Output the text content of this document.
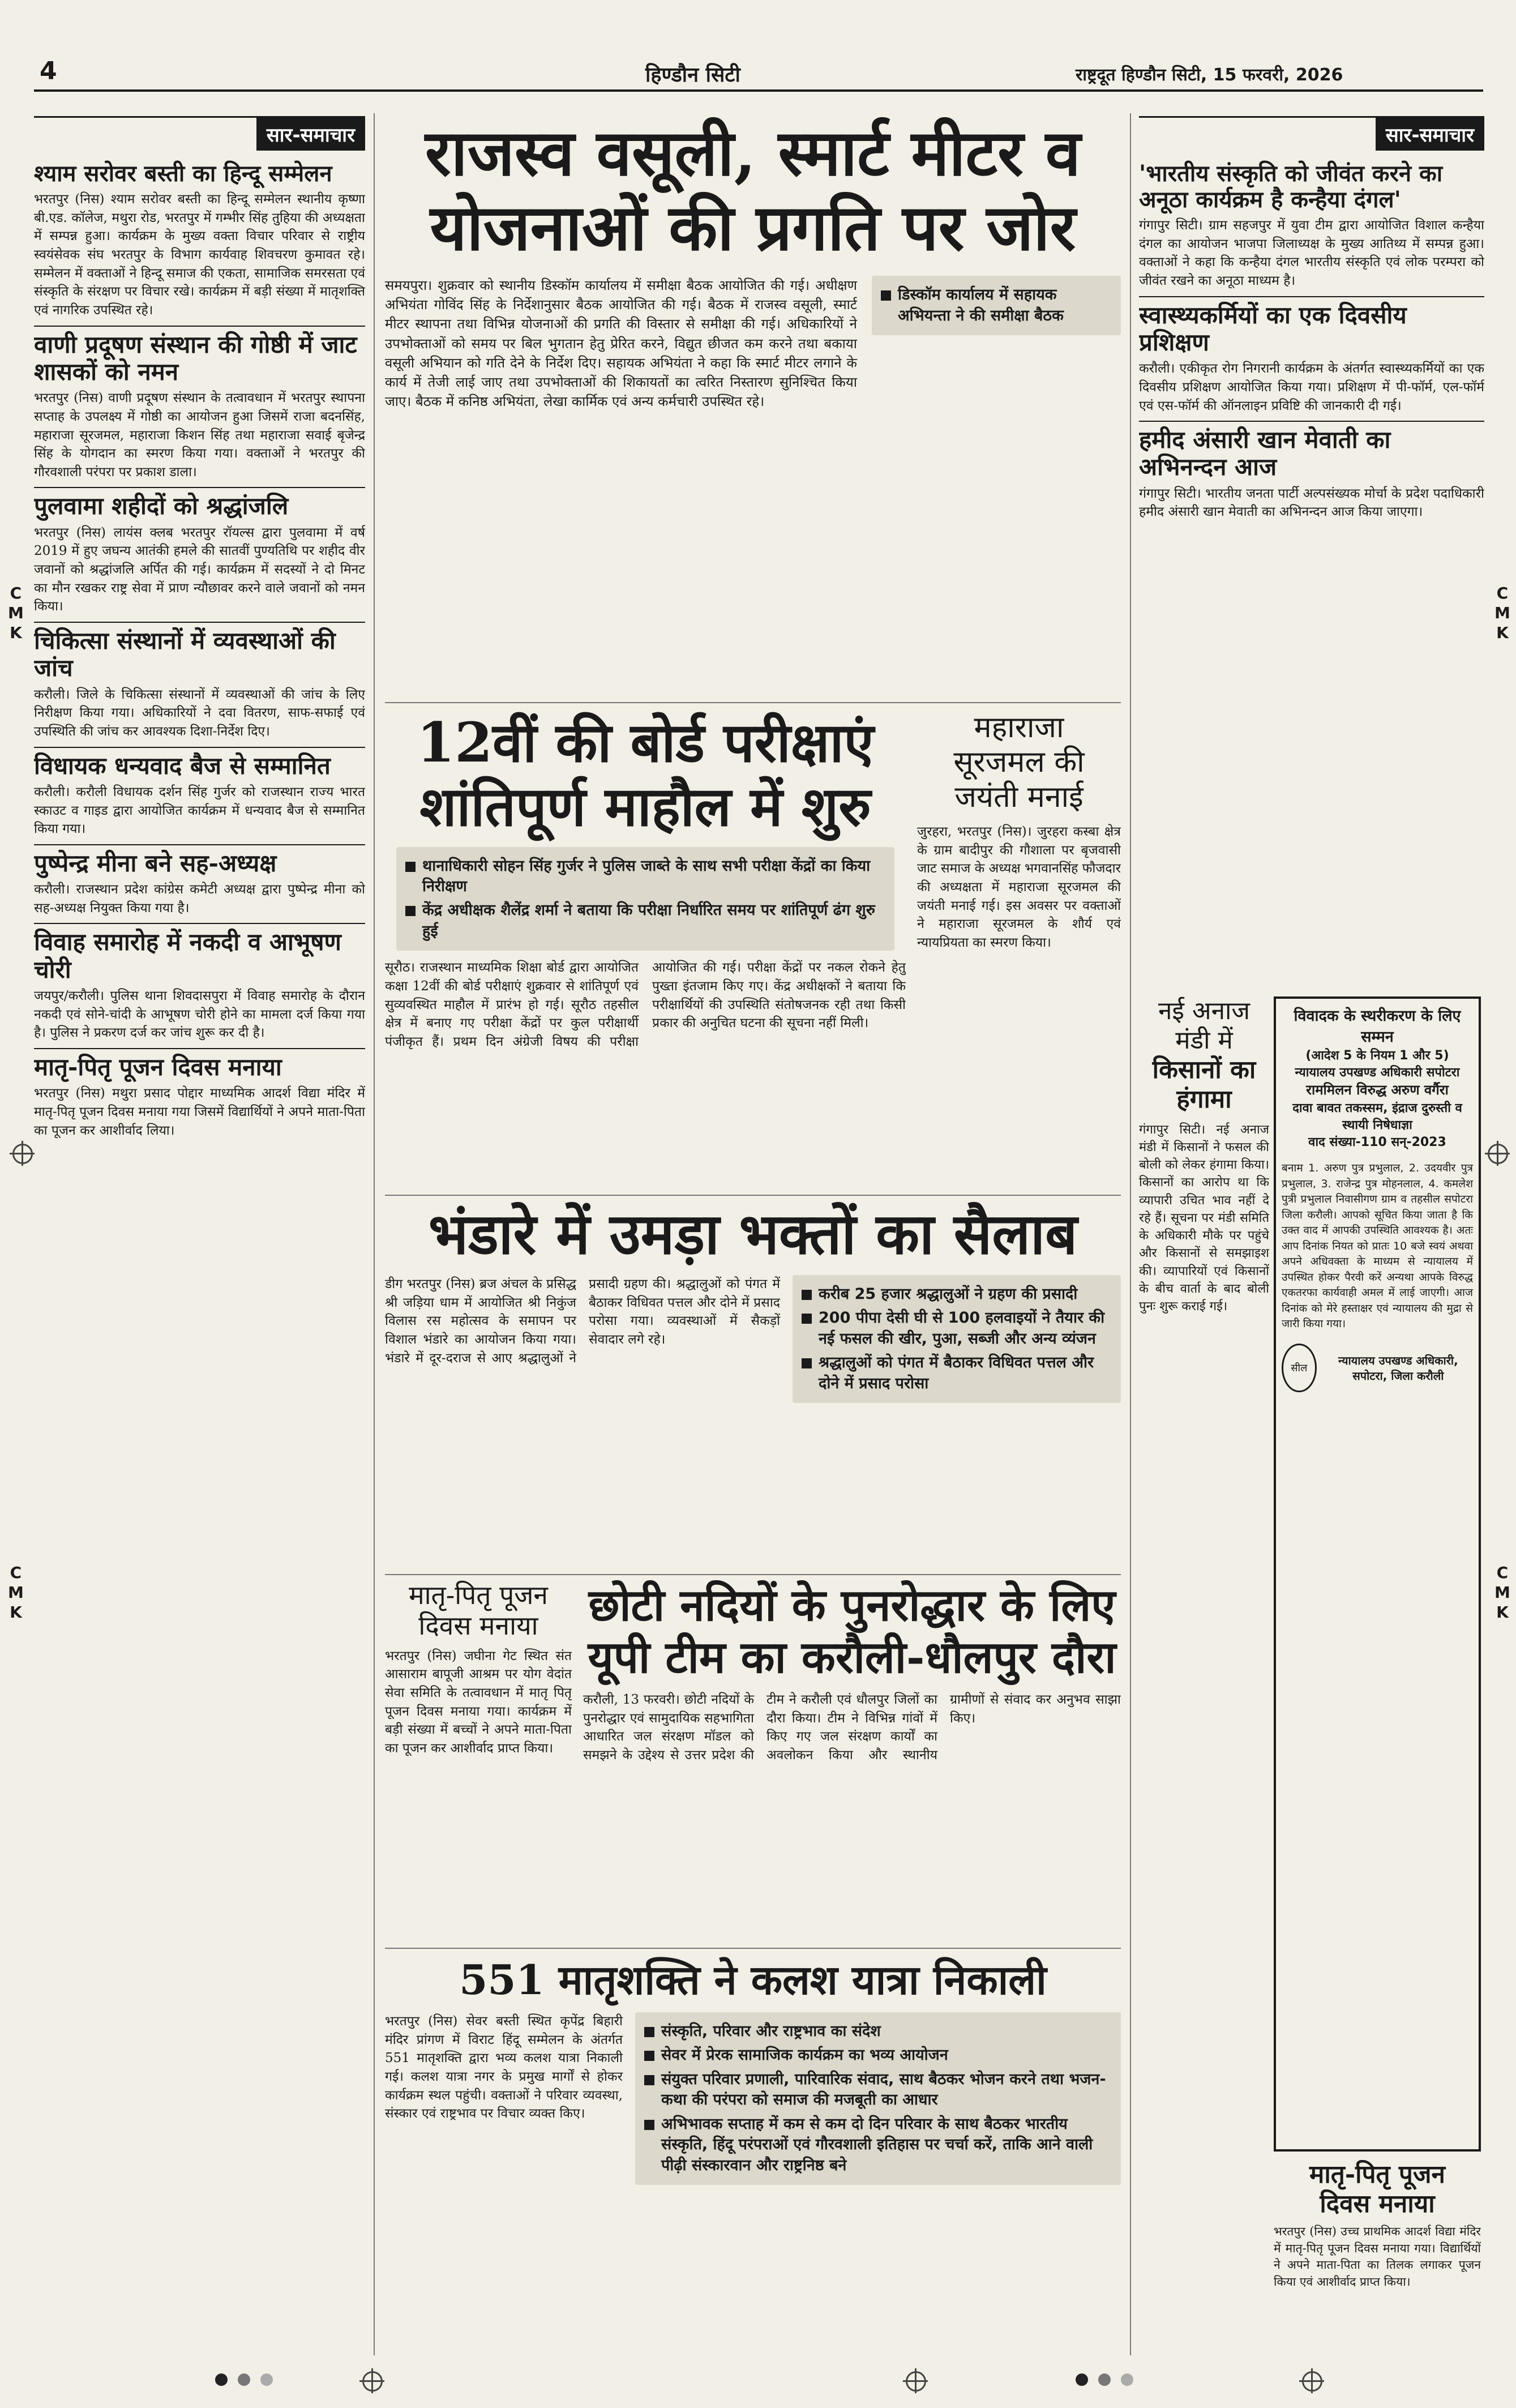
4	हिण्डौन सिटी	राष्ट्रदूत हिण्डौन सिटी, 15 फरवरी, 2026
C
M
K
C
M
K
C
M
K
C
M
K
सार-समाचार
श्याम सरोवर बस्ती का हिन्दू सम्मेलन

भरतपुर (निस) श्याम सरोवर बस्ती का हिन्दू सम्मेलन स्थानीय कृष्णा बी.एड. कॉलेज, मथुरा रोड, भरतपुर में गम्भीर सिंह तुहिया की अध्यक्षता में सम्पन्न हुआ। कार्यक्रम के मुख्य वक्ता विचार परिवार से राष्ट्रीय स्वयंसेवक संघ भरतपुर के विभाग कार्यवाह शिवचरण कुमावत रहे। सम्मेलन में वक्ताओं ने हिन्दू समाज की एकता, सामाजिक समरसता एवं संस्कृति के संरक्षण पर विचार रखे। कार्यक्रम में बड़ी संख्या में मातृशक्ति एवं नागरिक उपस्थित रहे।

वाणी प्रदूषण संस्थान की गोष्ठी में जाट शासकों को नमन

भरतपुर (निस) वाणी प्रदूषण संस्थान के तत्वावधान में भरतपुर स्थापना सप्ताह के उपलक्ष्य में गोष्ठी का आयोजन हुआ जिसमें राजा बदनसिंह, महाराजा सूरजमल, महाराजा किशन सिंह तथा महाराजा सवाई बृजेन्द्र सिंह के योगदान का स्मरण किया गया। वक्ताओं ने भरतपुर की गौरवशाली परंपरा पर प्रकाश डाला।

पुलवामा शहीदों को श्रद्धांजलि

भरतपुर (निस) लायंस क्लब भरतपुर रॉयल्स द्वारा पुलवामा में वर्ष 2019 में हुए जघन्य आतंकी हमले की सातवीं पुण्यतिथि पर शहीद वीर जवानों को श्रद्धांजलि अर्पित की गई। कार्यक्रम में सदस्यों ने दो मिनट का मौन रखकर राष्ट्र सेवा में प्राण न्यौछावर करने वाले जवानों को नमन किया।

चिकित्सा संस्थानों में व्यवस्थाओं की जांच

करौली। जिले के चिकित्सा संस्थानों में व्यवस्थाओं की जांच के लिए निरीक्षण किया गया। अधिकारियों ने दवा वितरण, साफ-सफाई एवं उपस्थिति की जांच कर आवश्यक दिशा-निर्देश दिए।

विधायक धन्यवाद बैज से सम्मानित

करौली। करौली विधायक दर्शन सिंह गुर्जर को राजस्थान राज्य भारत स्काउट व गाइड द्वारा आयोजित कार्यक्रम में धन्यवाद बैज से सम्मानित किया गया।

पुष्पेन्द्र मीना बने सह-अध्यक्ष

करौली। राजस्थान प्रदेश कांग्रेस कमेटी अध्यक्ष द्वारा पुष्पेन्द्र मीना को सह-अध्यक्ष नियुक्त किया गया है।

विवाह समारोह में नकदी व आभूषण चोरी

जयपुर/करौली। पुलिस थाना शिवदासपुरा में विवाह समारोह के दौरान नकदी एवं सोने-चांदी के आभूषण चोरी होने का मामला दर्ज किया गया है। पुलिस ने प्रकरण दर्ज कर जांच शुरू कर दी है।

मातृ-पितृ पूजन दिवस मनाया

भरतपुर (निस) मथुरा प्रसाद पोद्दार माध्यमिक आदर्श विद्या मंदिर में मातृ-पितृ पूजन दिवस मनाया गया जिसमें विद्यार्थियों ने अपने माता-पिता का पूजन कर आशीर्वाद लिया।

राजस्व वसूली, स्मार्ट मीटर व
योजनाओं की प्रगति पर जोर

समयपुरा। शुक्रवार को स्थानीय डिस्कॉम कार्यालय में समीक्षा बैठक आयोजित की गई। अधीक्षण अभियंता गोविंद सिंह के निर्देशानुसार बैठक आयोजित की गई। बैठक में राजस्व वसूली, स्मार्ट मीटर स्थापना तथा विभिन्न योजनाओं की प्रगति की विस्तार से समीक्षा की गई। अधिकारियों ने उपभोक्ताओं को समय पर बिल भुगतान हेतु प्रेरित करने, विद्युत छीजत कम करने तथा बकाया वसूली अभियान को गति देने के निर्देश दिए। सहायक अभियंता ने कहा कि स्मार्ट मीटर लगाने के कार्य में तेजी लाई जाए तथा उपभोक्ताओं की शिकायतों का त्वरित निस्तारण सुनिश्चित किया जाए। बैठक में कनिष्ठ अभियंता, लेखा कार्मिक एवं अन्य कर्मचारी उपस्थित रहे।

डिस्कॉम कार्यालय में सहायक अभियन्ता ने की समीक्षा बैठक
12वीं की बोर्ड परीक्षाएं
शांतिपूर्ण माहौल में शुरु
थानाधिकारी सोहन सिंह गुर्जर ने पुलिस जाब्ते के साथ सभी परीक्षा केंद्रों का किया निरीक्षण
केंद्र अधीक्षक शैलेंद्र शर्मा ने बताया कि परीक्षा निर्धारित समय पर शांतिपूर्ण ढंग शुरु हुई

सूरौठ। राजस्थान माध्यमिक शिक्षा बोर्ड द्वारा आयोजित कक्षा 12वीं की बोर्ड परीक्षाएं शुक्रवार से शांतिपूर्ण एवं सुव्यवस्थित माहौल में प्रारंभ हो गई। सूरौठ तहसील क्षेत्र में बनाए गए परीक्षा केंद्रों पर कुल परीक्षार्थी पंजीकृत हैं। प्रथम दिन अंग्रेजी विषय की परीक्षा आयोजित की गई। परीक्षा केंद्रों पर नकल रोकने हेतु पुख्ता इंतजाम किए गए। केंद्र अधीक्षकों ने बताया कि परीक्षार्थियों की उपस्थिति संतोषजनक रही तथा किसी प्रकार की अनुचित घटना की सूचना नहीं मिली।

महाराजा
सूरजमल की
जयंती मनाई

जुरहरा, भरतपुर (निस)। जुरहरा कस्बा क्षेत्र के ग्राम बादीपुर की गौशाला पर बृजवासी जाट समाज के अध्यक्ष भगवानसिंह फौजदार की अध्यक्षता में महाराजा सूरजमल की जयंती मनाई गई। इस अवसर पर वक्ताओं ने महाराजा सूरजमल के शौर्य एवं न्यायप्रियता का स्मरण किया।

सार-समाचार
'भारतीय संस्कृति को जीवंत करने का अनूठा कार्यक्रम है कन्हैया दंगल'

गंगापुर सिटी। ग्राम सहजपुर में युवा टीम द्वारा आयोजित विशाल कन्हैया दंगल का आयोजन भाजपा जिलाध्यक्ष के मुख्य आतिथ्य में सम्पन्न हुआ। वक्ताओं ने कहा कि कन्हैया दंगल भारतीय संस्कृति एवं लोक परम्परा को जीवंत रखने का अनूठा माध्यम है।

स्वास्थ्यकर्मियों का एक दिवसीय प्रशिक्षण

करौली। एकीकृत रोग निगरानी कार्यक्रम के अंतर्गत स्वास्थ्यकर्मियों का एक दिवसीय प्रशिक्षण आयोजित किया गया। प्रशिक्षण में पी-फॉर्म, एल-फॉर्म एवं एस-फॉर्म की ऑनलाइन प्रविष्टि की जानकारी दी गई।

हमीद अंसारी खान मेवाती का अभिनन्दन आज

गंगापुर सिटी। भारतीय जनता पार्टी अल्पसंख्यक मोर्चा के प्रदेश पदाधिकारी हमीद अंसारी खान मेवाती का अभिनन्दन आज किया जाएगा।

भंडारे में उमड़ा भक्तों का सैलाब

डीग भरतपुर (निस) ब्रज अंचल के प्रसिद्ध श्री जड़िया धाम में आयोजित श्री निकुंज विलास रस महोत्सव के समापन पर विशाल भंडारे का आयोजन किया गया। भंडारे में दूर-दराज से आए श्रद्धालुओं ने प्रसादी ग्रहण की। श्रद्धालुओं को पंगत में बैठाकर विधिवत पत्तल और दोने में प्रसाद परोसा गया। व्यवस्थाओं में सैकड़ों सेवादार लगे रहे।

करीब 25 हजार श्रद्धालुओं ने ग्रहण की प्रसादी
200 पीपा देसी घी से 100 हलवाइयों ने तैयार की नई फसल की खीर, पुआ, सब्जी और अन्य व्यंजन
श्रद्धालुओं को पंगत में बैठाकर विधिवत पत्तल और दोने में प्रसाद परोसा
नई अनाज मंडी में
किसानों का हंगामा

गंगापुर सिटी। नई अनाज मंडी में किसानों ने फसल की बोली को लेकर हंगामा किया। किसानों का आरोप था कि व्यापारी उचित भाव नहीं दे रहे हैं। सूचना पर मंडी समिति के अधिकारी मौके पर पहुंचे और किसानों से समझाइश की। व्यापारियों एवं किसानों के बीच वार्ता के बाद बोली पुनः शुरू कराई गई।

विवादक के स्थरीकरण के लिए सम्मन
(आदेश 5 के नियम 1 और 5)
न्यायालय उपखण्ड अधिकारी सपोटरा
राममिलन विरुद्ध अरुण वर्गैरा
दावा बावत तकस्सम, इंद्राज दुरुस्ती व स्थायी निषेधाज्ञा
वाद संख्या-110 सन्-2023

बनाम 1. अरुण पुत्र प्रभुलाल, 2. उदयवीर पुत्र प्रभुलाल, 3. राजेन्द्र पुत्र मोहनलाल, 4. कमलेश पुत्री प्रभुलाल निवासीगण ग्राम व तहसील सपोटरा जिला करौली। आपको सूचित किया जाता है कि उक्त वाद में आपकी उपस्थिति आवश्यक है। अतः आप दिनांक नियत को प्रातः 10 बजे स्वयं अथवा अपने अधिवक्ता के माध्यम से न्यायालय में उपस्थित होकर पैरवी करें अन्यथा आपके विरुद्ध एकतरफा कार्यवाही अमल में लाई जाएगी। आज दिनांक को मेरे हस्ताक्षर एवं न्यायालय की मुद्रा से जारी किया गया।

सील
न्यायालय उपखण्ड अधिकारी, सपोटरा, जिला करौली
मातृ-पितृ पूजन
दिवस मनाया

भरतपुर (निस) उच्च प्राथमिक आदर्श विद्या मंदिर में मातृ-पितृ पूजन दिवस मनाया गया। विद्यार्थियों ने अपने माता-पिता का तिलक लगाकर पूजन किया एवं आशीर्वाद प्राप्त किया।

मातृ-पितृ पूजन
दिवस मनाया

भरतपुर (निस) जघीना गेट स्थित संत आसाराम बापूजी आश्रम पर योग वेदांत सेवा समिति के तत्वावधान में मातृ पितृ पूजन दिवस मनाया गया। कार्यक्रम में बड़ी संख्या में बच्चों ने अपने माता-पिता का पूजन कर आशीर्वाद प्राप्त किया।

छोटी नदियों के पुनरोद्धार के लिए
यूपी टीम का करौली-धौलपुर दौरा

करौली, 13 फरवरी। छोटी नदियों के पुनरोद्धार एवं सामुदायिक सहभागिता आधारित जल संरक्षण मॉडल को समझने के उद्देश्य से उत्तर प्रदेश की टीम ने करौली एवं धौलपुर जिलों का दौरा किया। टीम ने विभिन्न गांवों में किए गए जल संरक्षण कार्यों का अवलोकन किया और स्थानीय ग्रामीणों से संवाद कर अनुभव साझा किए।

551 मातृशक्ति ने कलश यात्रा निकाली

भरतपुर (निस) सेवर बस्ती स्थित कृपेंद्र बिहारी मंदिर प्रांगण में विराट हिंदू सम्मेलन के अंतर्गत 551 मातृशक्ति द्वारा भव्य कलश यात्रा निकाली गई। कलश यात्रा नगर के प्रमुख मार्गों से होकर कार्यक्रम स्थल पहुंची। वक्ताओं ने परिवार व्यवस्था, संस्कार एवं राष्ट्रभाव पर विचार व्यक्त किए।

संस्कृति, परिवार और राष्ट्रभाव का संदेश
सेवर में प्रेरक सामाजिक कार्यक्रम का भव्य आयोजन
संयुक्त परिवार प्रणाली, पारिवारिक संवाद, साथ बैठकर भोजन करने तथा भजन-कथा की परंपरा को समाज की मजबूती का आधार
अभिभावक सप्ताह में कम से कम दो दिन परिवार के साथ बैठकर भारतीय संस्कृति, हिंदू परंपराओं एवं गौरवशाली इतिहास पर चर्चा करें, ताकि आने वाली पीढ़ी संस्कारवान और राष्ट्रनिष्ठ बने
